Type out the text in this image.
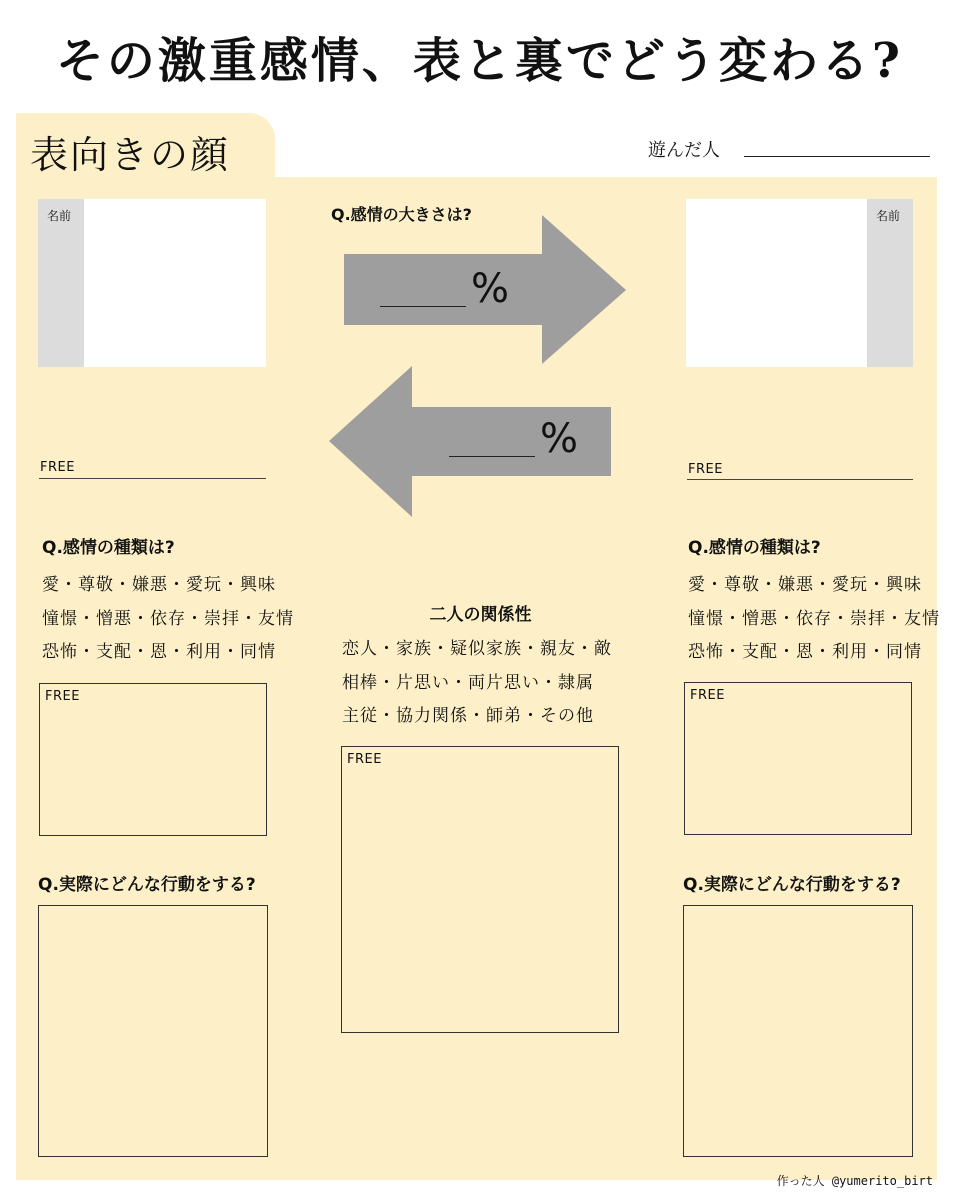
その激重感情、表と裏でどう変わる?
表向きの顔	遊んだ人
名前
FREE
Q.感情の種類は?
愛・尊敬・嫌悪・愛玩・興味
憧憬・憎悪・依存・崇拝・友情
恐怖・支配・恩・利用・同情
FREE
Q.実際にどんな行動をする?
Q.感情の大きさは?
%
%
二人の関係性
恋人・家族・疑似家族・親友・敵
相棒・片思い・両片思い・隷属
主従・協力関係・師弟・その他
FREE
名前
FREE
Q.感情の種類は?
愛・尊敬・嫌悪・愛玩・興味
憧憬・憎悪・依存・崇拝・友情
恐怖・支配・恩・利用・同情
FREE
Q.実際にどんな行動をする?
作った人 @yumerito_birt
